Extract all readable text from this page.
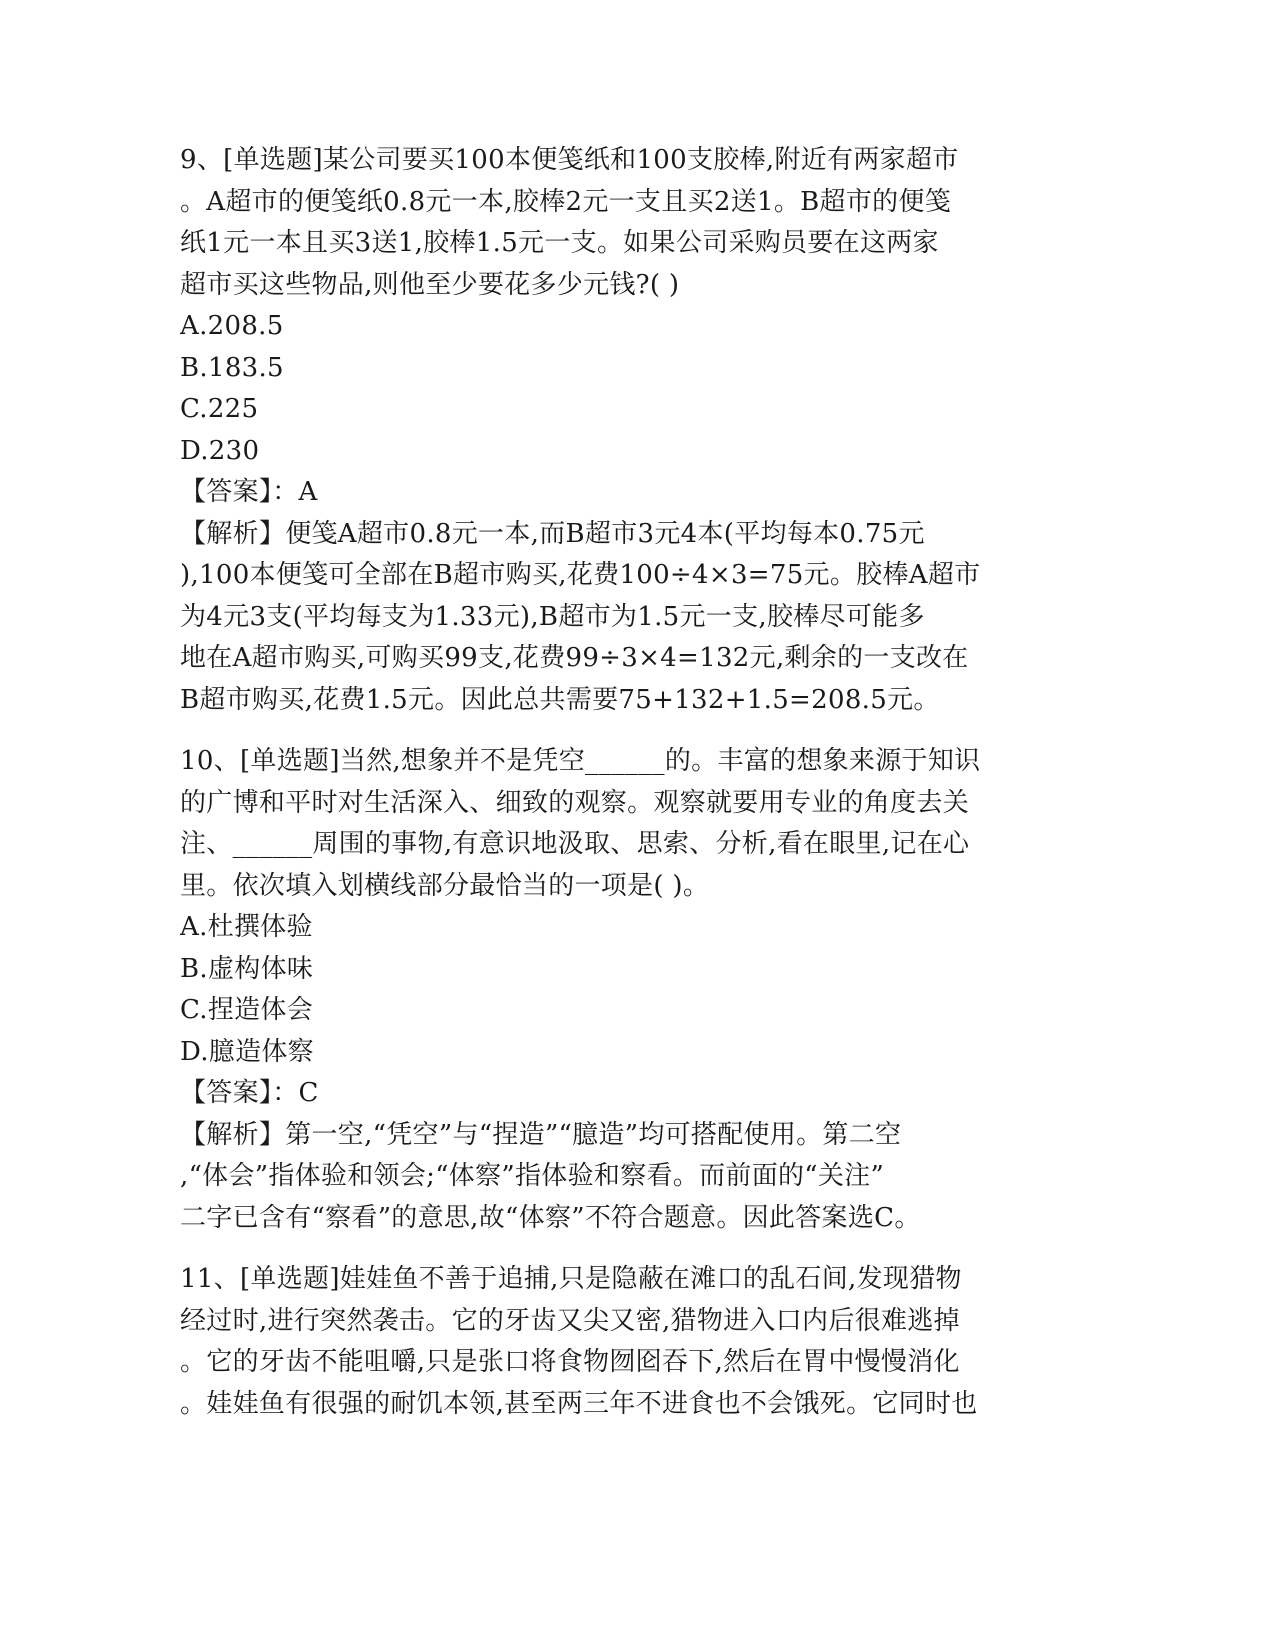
9、[单选题]某公司要买100本便笺纸和100支胶棒,附近有两家超市
。A超市的便笺纸0.8元一本,胶棒2元一支且买2送1。B超市的便笺
纸1元一本且买3送1,胶棒1.5元一支。如果公司采购员要在这两家
超市买这些物品,则他至少要花多少元钱?( )
A.208.5
B.183.5
C.225
D.230
【答案】：A
【解析】便笺A超市0.8元一本,而B超市3元4本(平均每本0.75元
),100本便笺可全部在B超市购买,花费100÷4×3=75元。胶棒A超市
为4元3支(平均每支为1.33元),B超市为1.5元一支,胶棒尽可能多
地在A超市购买,可购买99支,花费99÷3×4=132元,剩余的一支改在
B超市购买,花费1.5元。因此总共需要75+132+1.5=208.5元。
10、[单选题]当然,想象并不是凭空______的。丰富的想象来源于知识
的广博和平时对生活深入、细致的观察。观察就要用专业的角度去关
注、______周围的事物,有意识地汲取、思索、分析,看在眼里,记在心
里。依次填入划横线部分最恰当的一项是( )。
A.杜撰体验
B.虚构体味
C.捏造体会
D.臆造体察
【答案】：C
【解析】第一空,“凭空”与“捏造”“臆造”均可搭配使用。第二空
,“体会”指体验和领会;“体察”指体验和察看。而前面的“关注”
二字已含有“察看”的意思,故“体察”不符合题意。因此答案选C。
11、[单选题]娃娃鱼不善于追捕,只是隐蔽在滩口的乱石间,发现猎物
经过时,进行突然袭击。它的牙齿又尖又密,猎物进入口内后很难逃掉
。它的牙齿不能咀嚼,只是张口将食物囫囵吞下,然后在胃中慢慢消化
。娃娃鱼有很强的耐饥本领,甚至两三年不进食也不会饿死。它同时也
